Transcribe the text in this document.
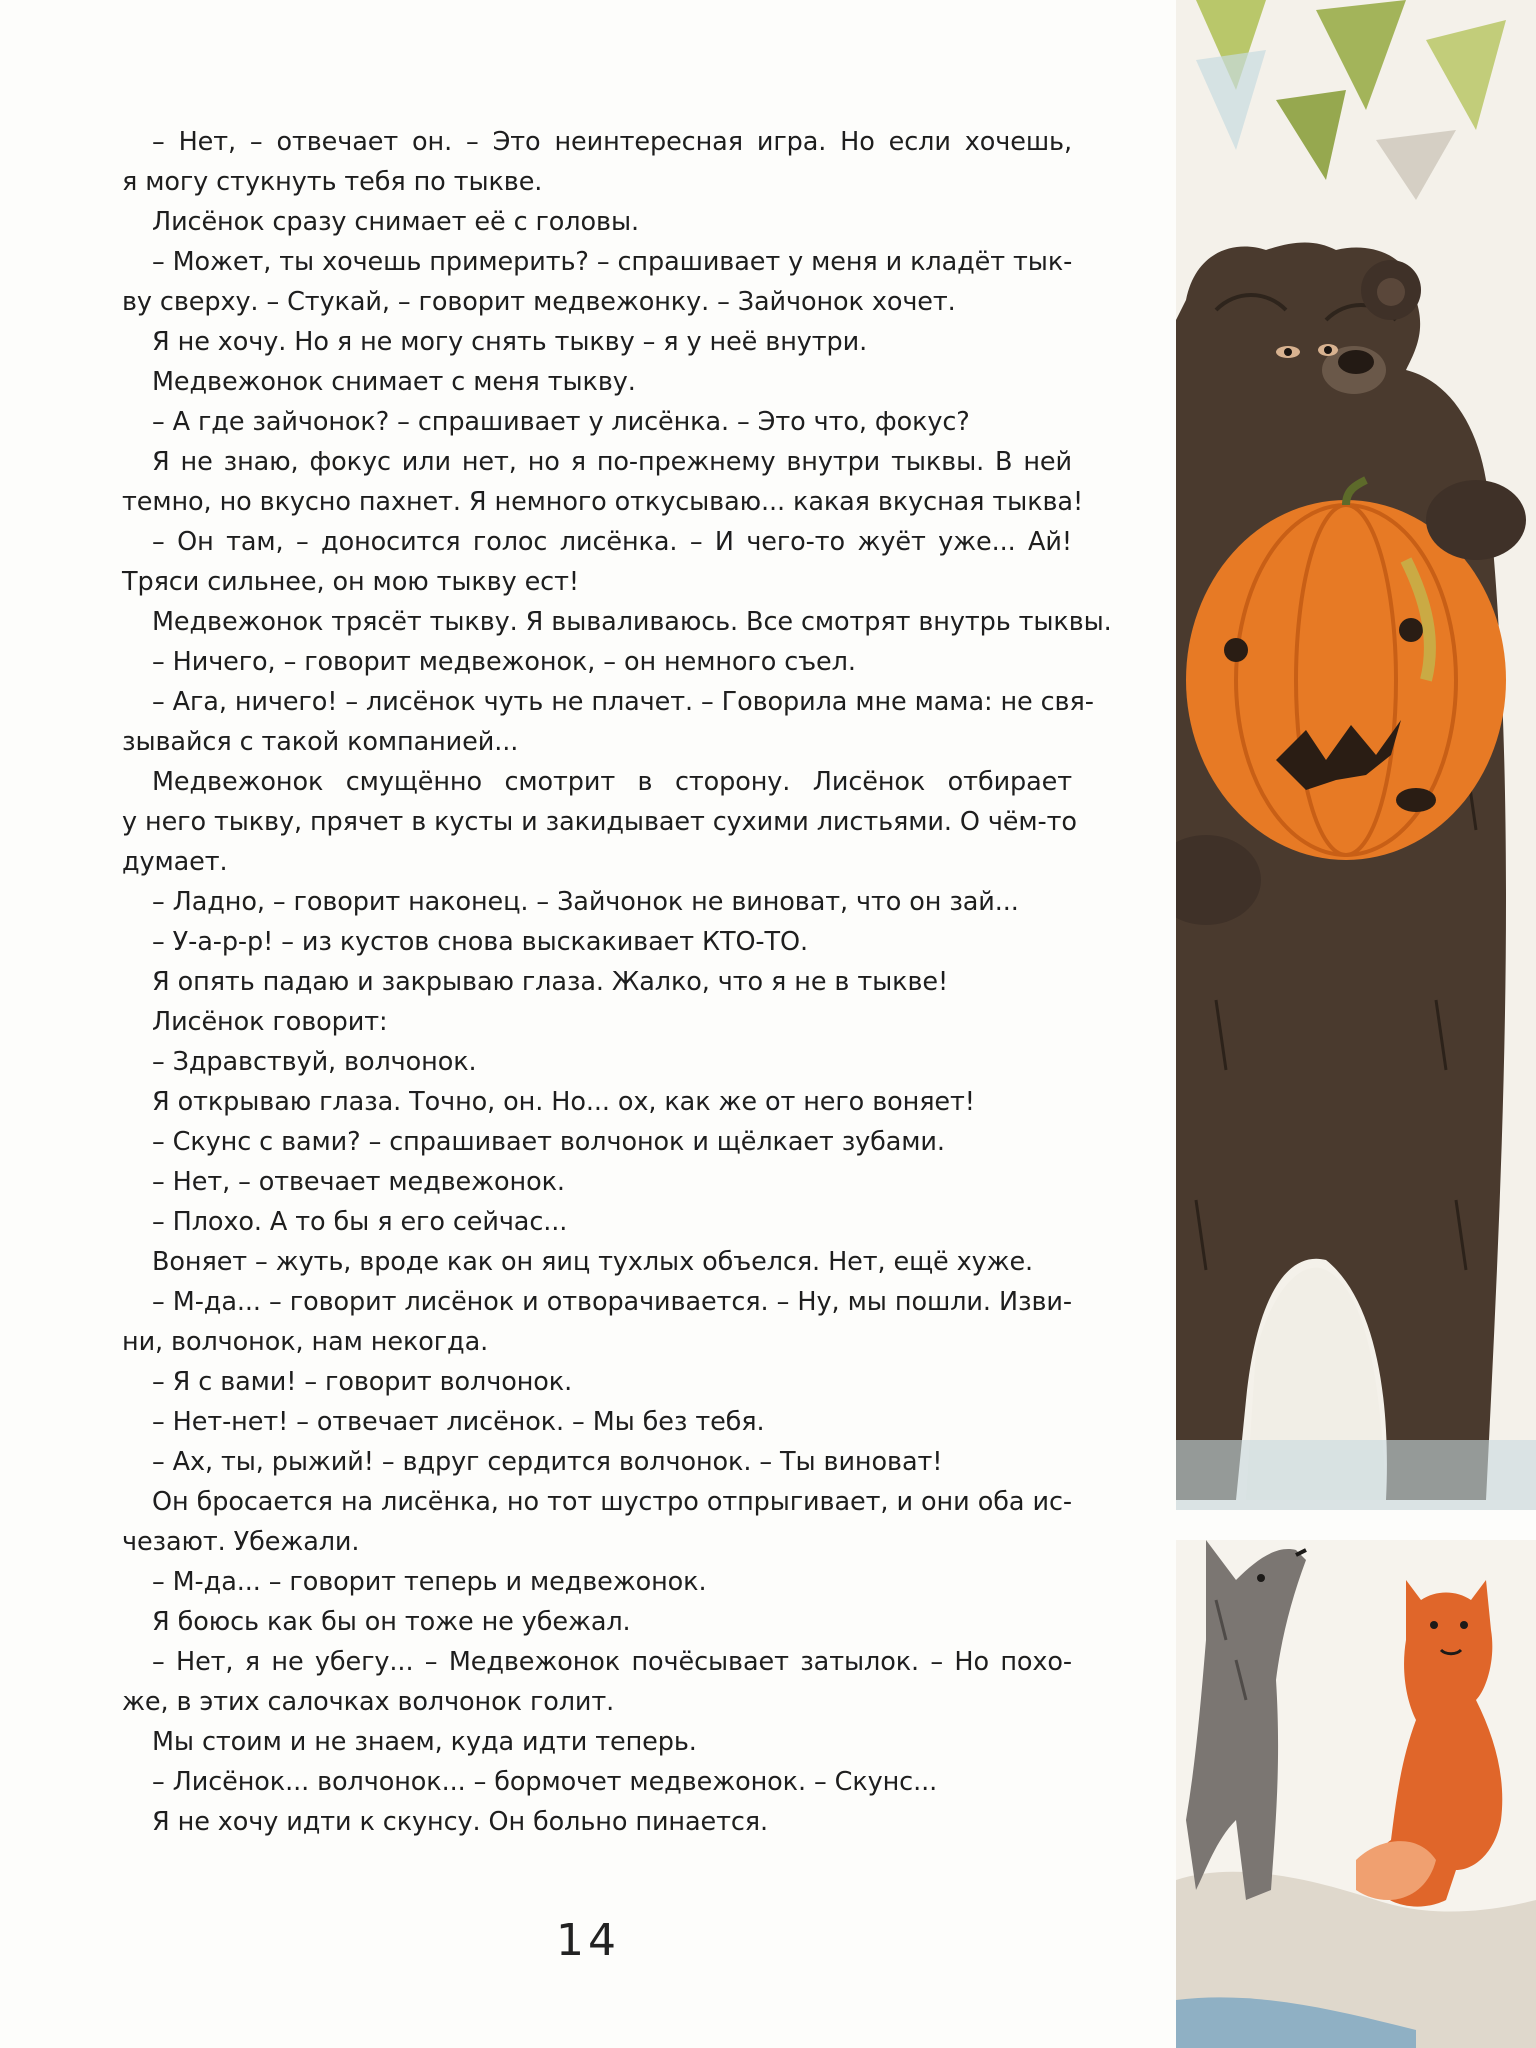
– Нет, – отвечает он. – Это неинтересная игра. Но если хочешь,
я могу стукнуть тебя по тыкве.
Лисёнок сразу снимает её с головы.
– Может, ты хочешь примерить? – спрашивает у меня и кладёт тык-
ву сверху. – Стукай, – говорит медвежонку. – Зайчонок хочет.
Я не хочу. Но я не могу снять тыкву – я у неё внутри.
Медвежонок снимает с меня тыкву.
– А где зайчонок? – спрашивает у лисёнка. – Это что, фокус?
Я не знаю, фокус или нет, но я по-прежнему внутри тыквы. В ней
темно, но вкусно пахнет. Я немного откусываю... какая вкусная тыква!
– Он там, – доносится голос лисёнка. – И чего-то жуёт уже... Ай!
Тряси сильнее, он мою тыкву ест!
Медвежонок трясёт тыкву. Я вываливаюсь. Все смотрят внутрь тыквы.
– Ничего, – говорит медвежонок, – он немного съел.
– Ага, ничего! – лисёнок чуть не плачет. – Говорила мне мама: не свя-
зывайся с такой компанией...
Медвежонок смущённо смотрит в сторону. Лисёнок отбирает
у него тыкву, прячет в кусты и закидывает сухими листьями. О чём-то
думает.
– Ладно, – говорит наконец. – Зайчонок не виноват, что он зай...
– У-а-р-р! – из кустов снова выскакивает КТО-ТО.
Я опять падаю и закрываю глаза. Жалко, что я не в тыкве!
Лисёнок говорит:
– Здравствуй, волчонок.
Я открываю глаза. Точно, он. Но... ох, как же от него воняет!
– Скунс с вами? – спрашивает волчонок и щёлкает зубами.
– Нет, – отвечает медвежонок.
– Плохо. А то бы я его сейчас...
Воняет – жуть, вроде как он яиц тухлых объелся. Нет, ещё хуже.
– М-да... – говорит лисёнок и отворачивается. – Ну, мы пошли. Изви-
ни, волчонок, нам некогда.
– Я с вами! – говорит волчонок.
– Нет-нет! – отвечает лисёнок. – Мы без тебя.
– Ах, ты, рыжий! – вдруг сердится волчонок. – Ты виноват!
Он бросается на лисёнка, но тот шустро отпрыгивает, и они оба ис-
чезают. Убежали.
– М-да... – говорит теперь и медвежонок.
Я боюсь как бы он тоже не убежал.
– Нет, я не убегу... – Медвежонок почёсывает затылок. – Но похо-
же, в этих салочках волчонок голит.
Мы стоим и не знаем, куда идти теперь.
– Лисёнок... волчонок... – бормочет медвежонок. – Скунс...
Я не хочу идти к скунсу. Он больно пинается.
14
